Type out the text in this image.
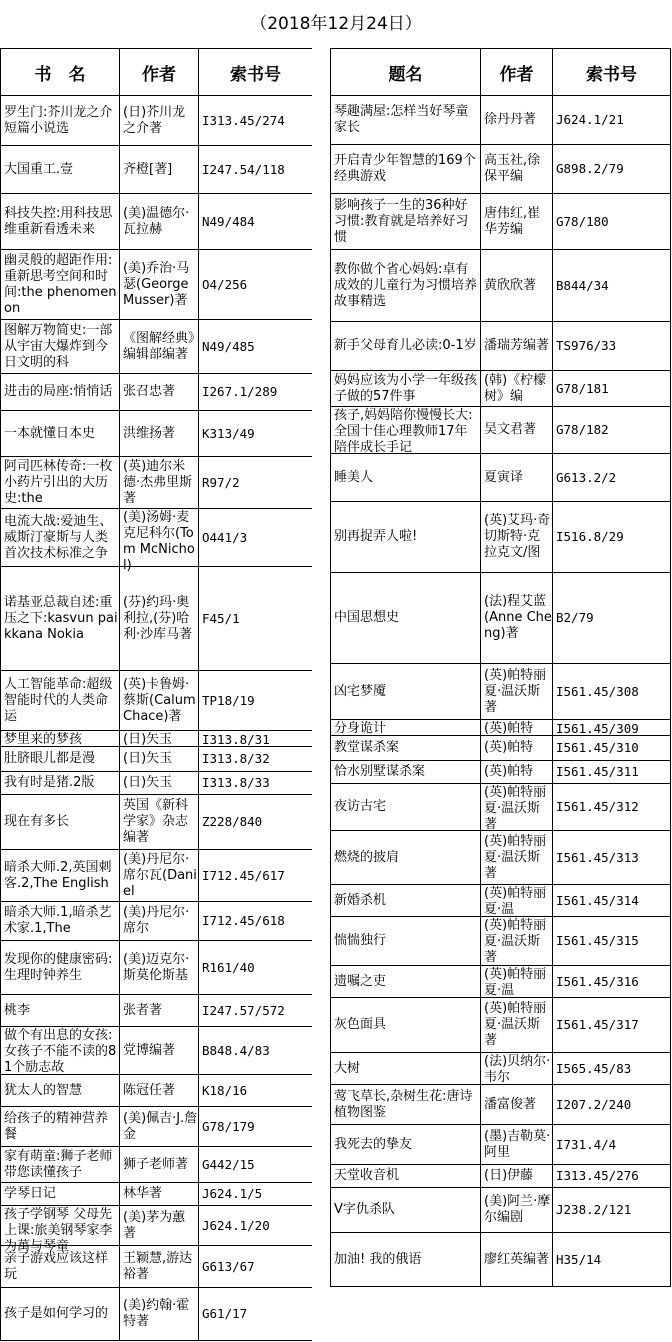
（2018年12月24日）
书　名	作者	索书号

罗生门:芥川龙之介短篇小说选	(日)芥川龙之介著	I313.45/274

大国重工.壹	齐橙[著]	I247.54/118

科技失控:用科技思维重新看透未来	(美)温德尔·瓦拉赫	N49/484

幽灵般的超距作用:重新思考空间和时间:the phenomenon	(美)乔治·马瑟(George Musser)著	O4/256

图解万物简史:一部从宇宙大爆炸到今日文明的科	《图解经典》编辑部编著	N49/485

进击的局座:悄悄话	张召忠著	I267.1/289

一本就懂日本史	洪维扬著	K313/49

阿司匹林传奇:一枚小药片引出的大历史:the	(英)迪尔米德·杰弗里斯著	R97/2

电流大战:爱迪生、威斯汀豪斯与人类首次技术标准之争	(美)汤姆·麦克尼科尔(Tom McNichol)	O441/3

诺基亚总裁自述:重压之下:kasvun paikkana Nokia	(芬)约玛·奥利拉,(芬)哈利·沙库马著	F45/1

人工智能革命:超级智能时代的人类命运	(英)卡鲁姆·蔡斯(Calum Chace)著	TP18/19

梦里来的梦孩	(日)矢玉	I313.8/31

肚脐眼儿都是漫	(日)矢玉	I313.8/32

我有时是猪.2版	(日)矢玉	I313.8/33

现在有多长	英国《新科学家》杂志编著	Z228/840

暗杀大师.2,英国刺客.2,The English	(美)丹尼尔·席尔瓦(Daniel	I712.45/617

暗杀大师.1,暗杀艺术家.1,The	(美)丹尼尔·席尔	I712.45/618

发现你的健康密码:生理时钟养生	(美)迈克尔·斯莫伦斯基	R161/40

桃李	张者著	I247.57/572

做个有出息的女孩:女孩子不能不读的81个励志故	党博编著	B848.4/83

犹太人的智慧	陈冠任著	K18/16

给孩子的精神营养餐	(美)佩吉·J.詹金	G78/179

家有萌童:狮子老师带您读懂孩子	狮子老师著	G442/15

学琴日记	林华著	J624.1/5

孩子学钢琴 父母先上课:旅美钢琴家李为萬与琴童	(美)茅为蕙著	J624.1/20

亲子游戏应该这样玩	王颖慧,游达裕著	G613/67

孩子是如何学习的	(美)约翰·霍特著	G61/17
题名	作者	索书号

琴趣满屋:怎样当好琴童家长	徐丹丹著	J624.1/21

开启青少年智慧的169个经典游戏	高玉社,徐保平编	G898.2/79

影响孩子一生的36种好习惯:教育就是培养好习惯	唐伟红,崔华芳编	G78/180

教你做个省心妈妈:卓有成效的儿童行为习惯培养故事精选	黄欣欣著	B844/34

新手父母育儿必读:0-1岁	潘瑞芳编著	TS976/33

妈妈应该为小学一年级孩子做的57件事	(韩)《柠檬树》编	G78/181

孩子,妈妈陪你慢慢长大:全国十佳心理教师17年陪伴成长手记	吴文君著	G78/182

睡美人	夏寅译	G613.2/2

别再捉弄人啦!	(英)艾玛·奇切斯特·克拉克文/图	I516.8/29

中国思想史	(法)程艾蓝(Anne Cheng)著	B2/79

凶宅梦魇	(英)帕特丽夏·温沃斯著	I561.45/308

分身诡计	(英)帕特	I561.45/309

教堂谋杀案	(英)帕特	I561.45/310

恰水别墅谋杀案	(英)帕特	I561.45/311

夜访古宅	(英)帕特丽夏·温沃斯著	I561.45/312

燃烧的披肩	(英)帕特丽夏·温沃斯著	I561.45/313

新婚杀机	(英)帕特丽夏·温	I561.45/314

惴惴独行	(英)帕特丽夏·温沃斯著	I561.45/315

遗嘱之吏	(英)帕特丽夏·温	I561.45/316

灰色面具	(英)帕特丽夏·温沃斯著	I561.45/317

大树	(法)贝纳尔·韦尔	I565.45/83

莺飞草长,杂树生花:唐诗植物图鉴	潘富俊著	I207.2/240

我死去的挚友	(墨)吉勒莫·阿里	I731.4/4

天堂收音机	(日)伊藤	I313.45/276

V字仇杀队	(美)阿兰·摩尔编剧	J238.2/121

加油! 我的俄语	廖红英编著	H35/14
